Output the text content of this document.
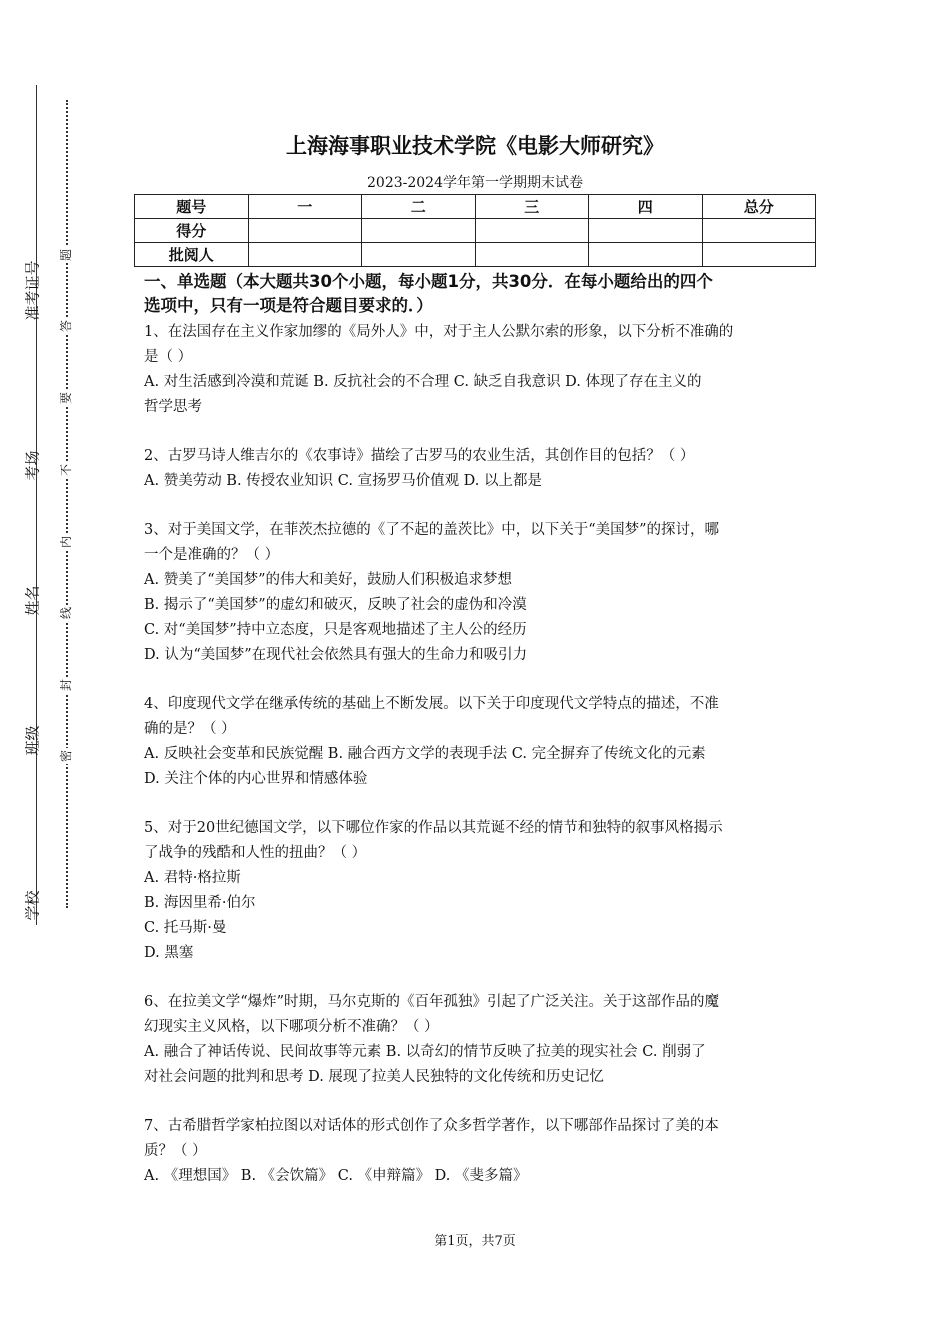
准考证号
考场
姓名
班级
学校
题
答
要
不
内
线
封
密
上海海事职业技术学院《电影大师研究》
2023-2024学年第一学期期末试卷
题号	一	二	三	四	总分
得分					
批阅人					
一、单选题（本大题共30个小题，每小题1分，共30分．在每小题给出的四个
选项中，只有一项是符合题目要求的．）
1、在法国存在主义作家加缪的《局外人》中，对于主人公默尔索的形象，以下分析不准确的
是（ ）
A. 对生活感到冷漠和荒诞 B. 反抗社会的不合理 C. 缺乏自我意识 D. 体现了存在主义的
哲学思考
2、古罗马诗人维吉尔的《农事诗》描绘了古罗马的农业生活，其创作目的包括？（ ）
A. 赞美劳动 B. 传授农业知识 C. 宣扬罗马价值观 D. 以上都是
3、对于美国文学，在菲茨杰拉德的《了不起的盖茨比》中，以下关于“美国梦”的探讨，哪
一个是准确的？（ ）
A. 赞美了“美国梦”的伟大和美好，鼓励人们积极追求梦想
B. 揭示了“美国梦”的虚幻和破灭，反映了社会的虚伪和冷漠
C. 对“美国梦”持中立态度，只是客观地描述了主人公的经历
D. 认为“美国梦”在现代社会依然具有强大的生命力和吸引力
4、印度现代文学在继承传统的基础上不断发展。以下关于印度现代文学特点的描述，不准
确的是？（ ）
A. 反映社会变革和民族觉醒 B. 融合西方文学的表现手法 C. 完全摒弃了传统文化的元素
D. 关注个体的内心世界和情感体验
5、对于20世纪德国文学，以下哪位作家的作品以其荒诞不经的情节和独特的叙事风格揭示
了战争的残酷和人性的扭曲？（ ）
A. 君特·格拉斯
B. 海因里希·伯尔
C. 托马斯·曼
D. 黑塞
6、在拉美文学“爆炸”时期，马尔克斯的《百年孤独》引起了广泛关注。关于这部作品的魔
幻现实主义风格，以下哪项分析不准确？（ ）
A. 融合了神话传说、民间故事等元素 B. 以奇幻的情节反映了拉美的现实社会 C. 削弱了
对社会问题的批判和思考 D. 展现了拉美人民独特的文化传统和历史记忆
7、古希腊哲学家柏拉图以对话体的形式创作了众多哲学著作，以下哪部作品探讨了美的本
质？（ ）
A. 《理想国》 B. 《会饮篇》 C. 《申辩篇》 D. 《斐多篇》
第1页，共7页
